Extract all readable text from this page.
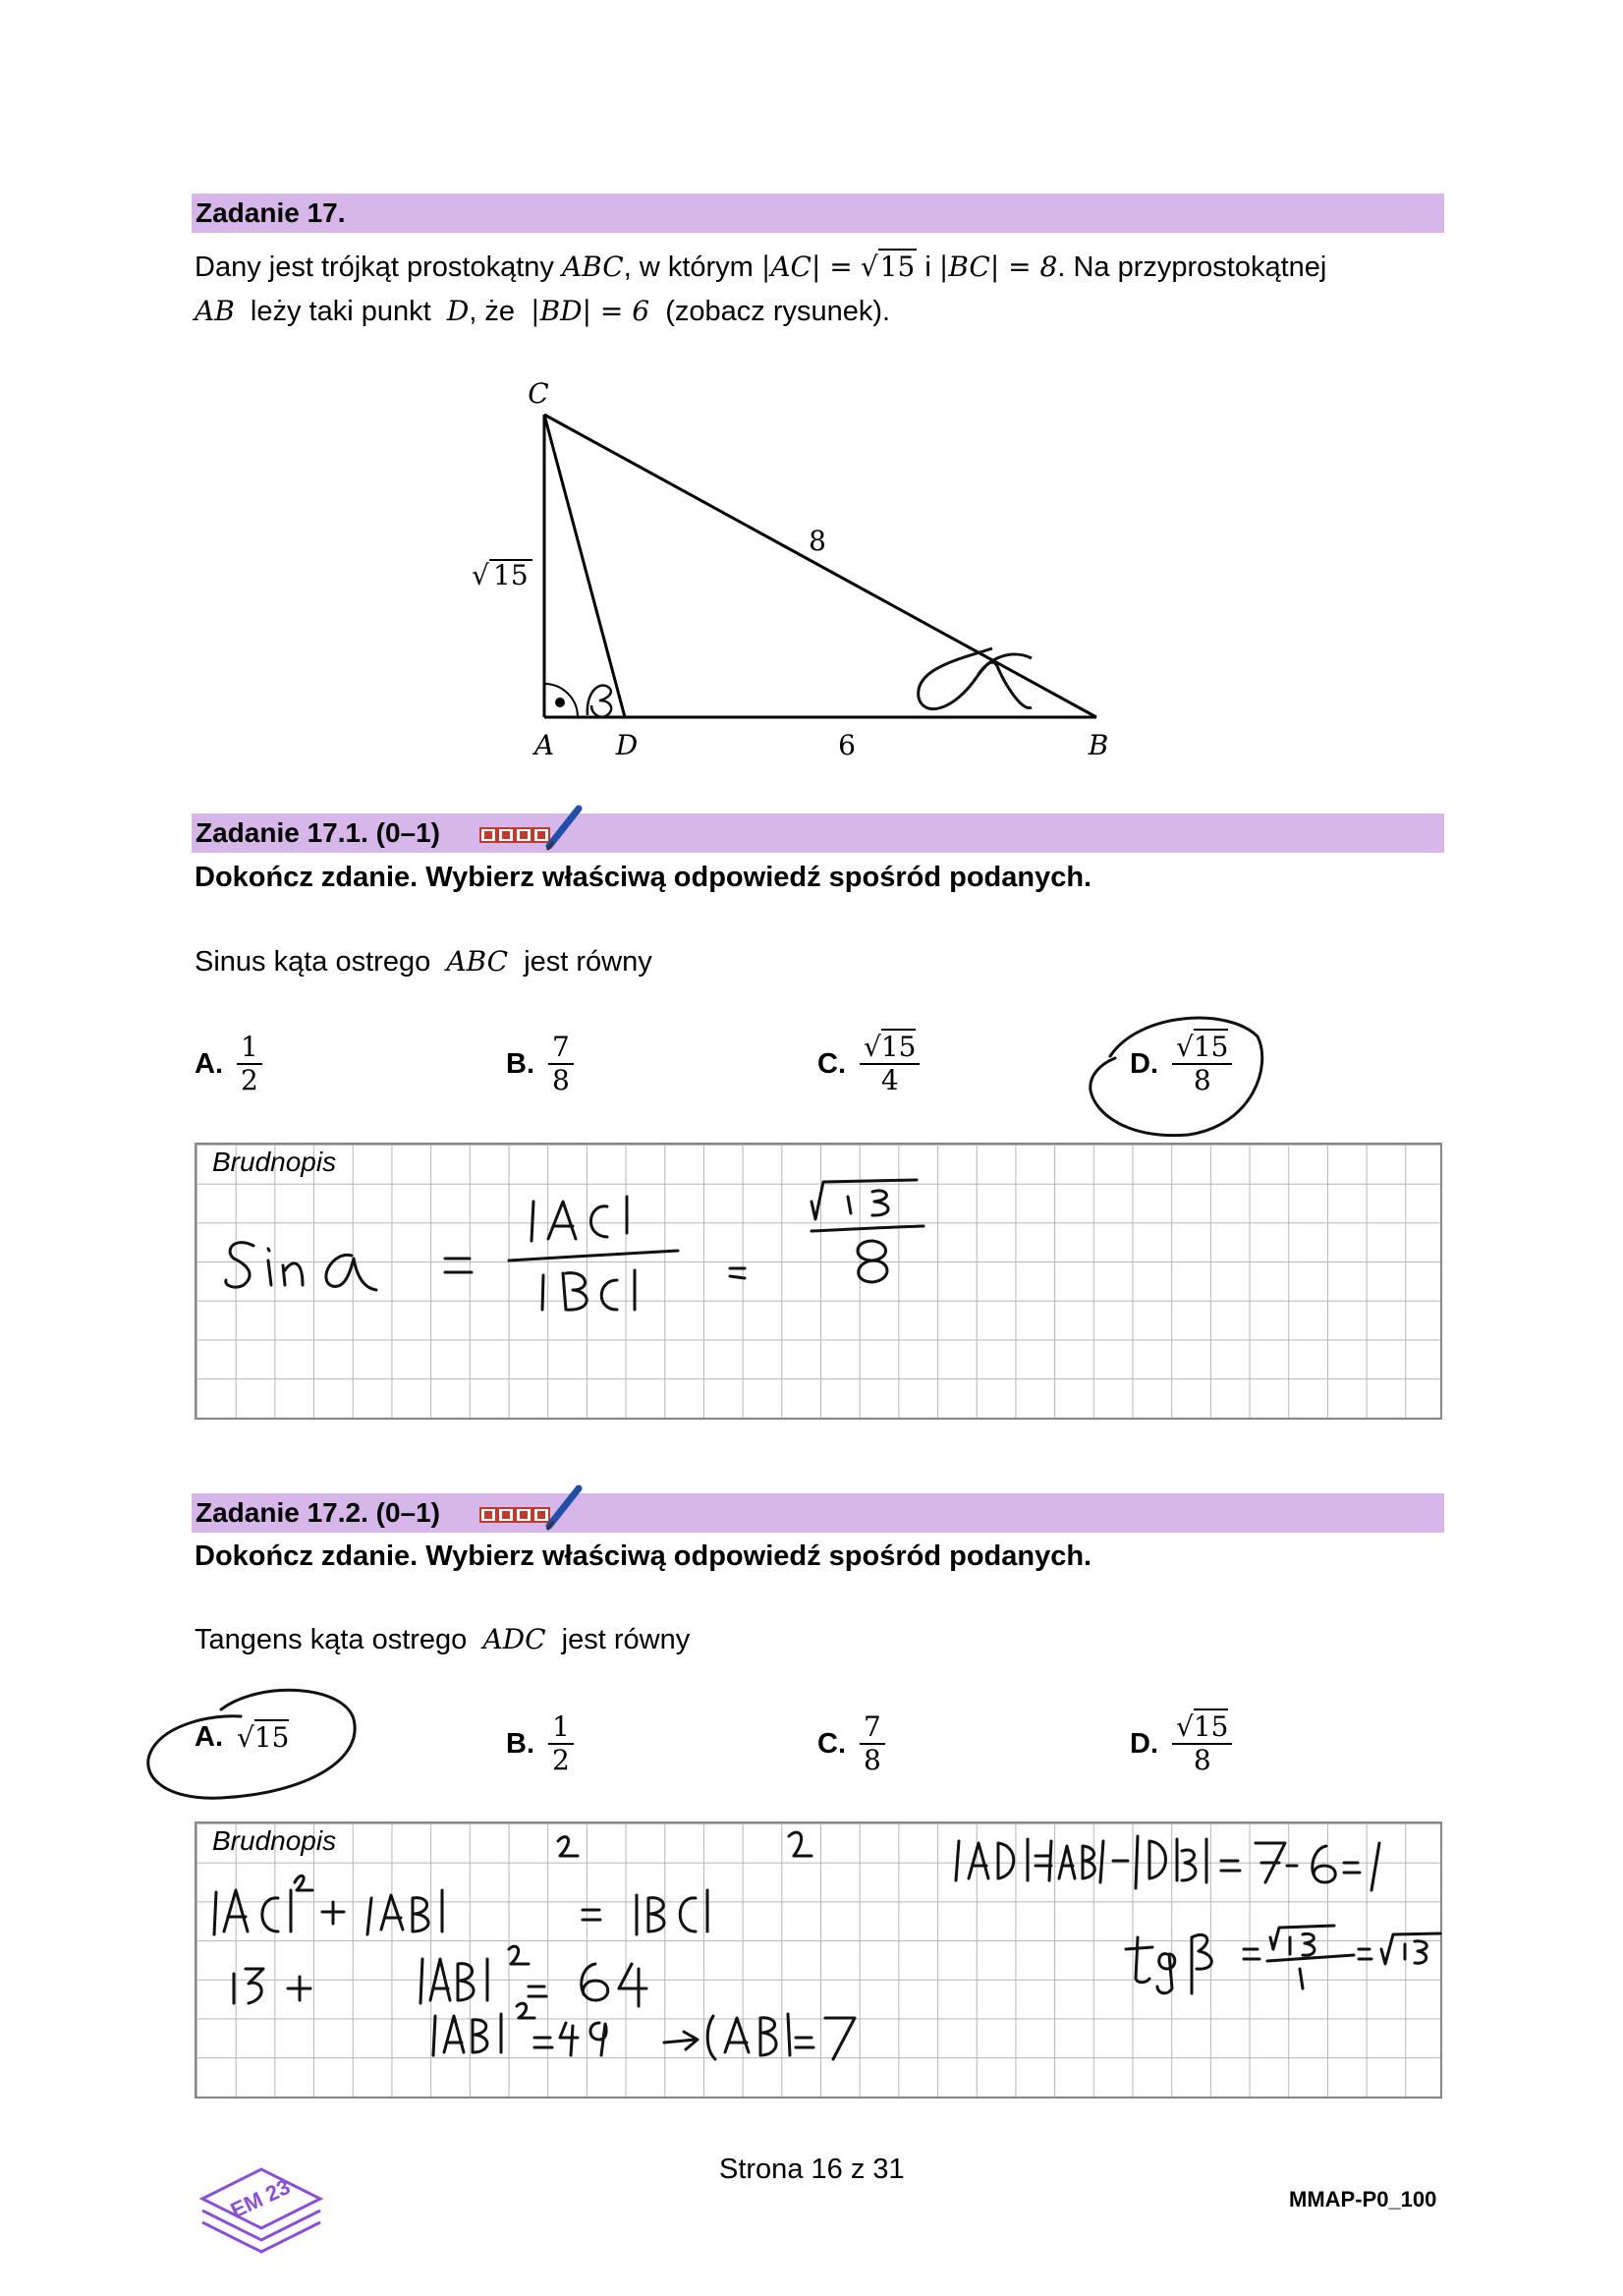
Zadanie 17.
Dany jest trójkąt prostokątny ABC, w którym |AC| = √15 i |BC| = 8. Na przyprostokątnej
AB leży taki punkt D, że |BD| = 6 (zobacz rysunek).
C
A D	B
8
6
√ 15
Zadanie 17.1. (0–1)
Dokończ zdanie. Wybierz właściwą odpowiedź spośród podanych.
Sinus kąta ostrego ABC jest równy
A. $\frac{1}{2}$	B. $\frac{7}{8}$	C. $\frac{√15}{4}$	D. $\frac{√15}{8}$
Brudnopis
Zadanie 17.2. (0–1)
Dokończ zdanie. Wybierz właściwą odpowiedź spośród podanych.
Tangens kąta ostrego ADC jest równy
A. √15	B. $\frac{1}{2}$	C. $\frac{7}{8}$	D. $\frac{√15}{8}$
Brudnopis
Strona 16 z 31
MMAP-P0_100
EM 23
